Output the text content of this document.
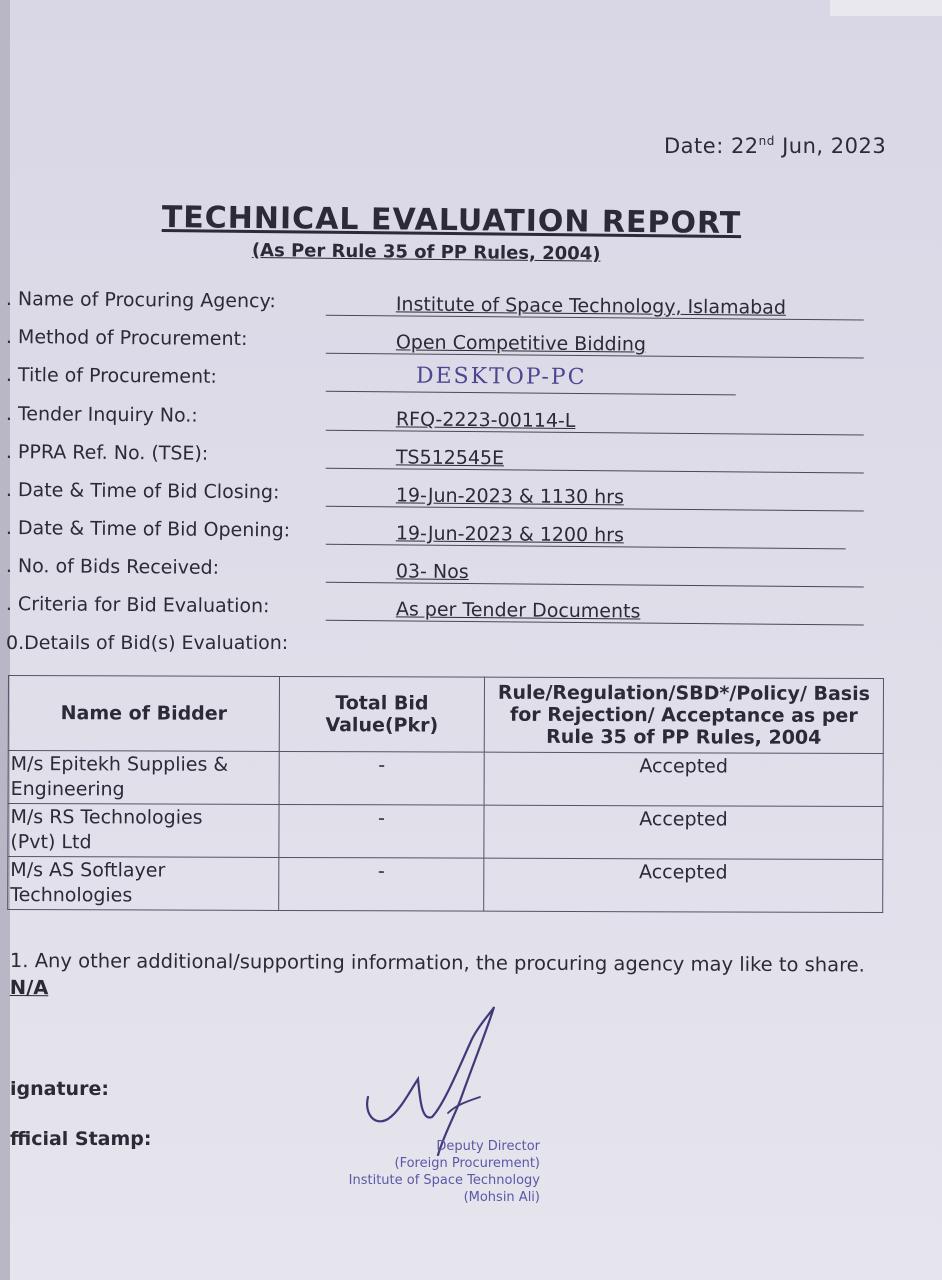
Date: 22nd Jun, 2023
TECHNICAL EVALUATION REPORT
(As Per Rule 35 of PP Rules, 2004)
. Name of Procuring Agency:	Institute of Space Technology, Islamabad
. Method of Procurement:	Open Competitive Bidding
. Title of Procurement:	DESKTOP-PC
. Tender Inquiry No.:	RFQ-2223-00114-L
. PPRA Ref. No. (TSE):	TS512545E
. Date & Time of Bid Closing:	19-Jun-2023 & 1130 hrs
. Date & Time of Bid Opening:	19-Jun-2023 & 1200 hrs
. No. of Bids Received:	03- Nos
. Criteria for Bid Evaluation:	As per Tender Documents
0.Details of Bid(s) Evaluation:
Name of Bidder	Total Bid Value(Pkr)	Rule/Regulation/SBD*/Policy/ Basis for Rejection/ Acceptance as per Rule 35 of PP Rules, 2004

M/s Epitekh Supplies &
Engineering	-	Accepted

M/s RS Technologies
(Pvt) Ltd	-	Accepted

M/s AS Softlayer
Technologies	-	Accepted
1. Any other additional/supporting information, the procuring agency may like to share. N/A
ignature:
fficial Stamp:	Deputy Director
(Foreign Procurement)
Institute of Space Technology
(Mohsin Ali)
